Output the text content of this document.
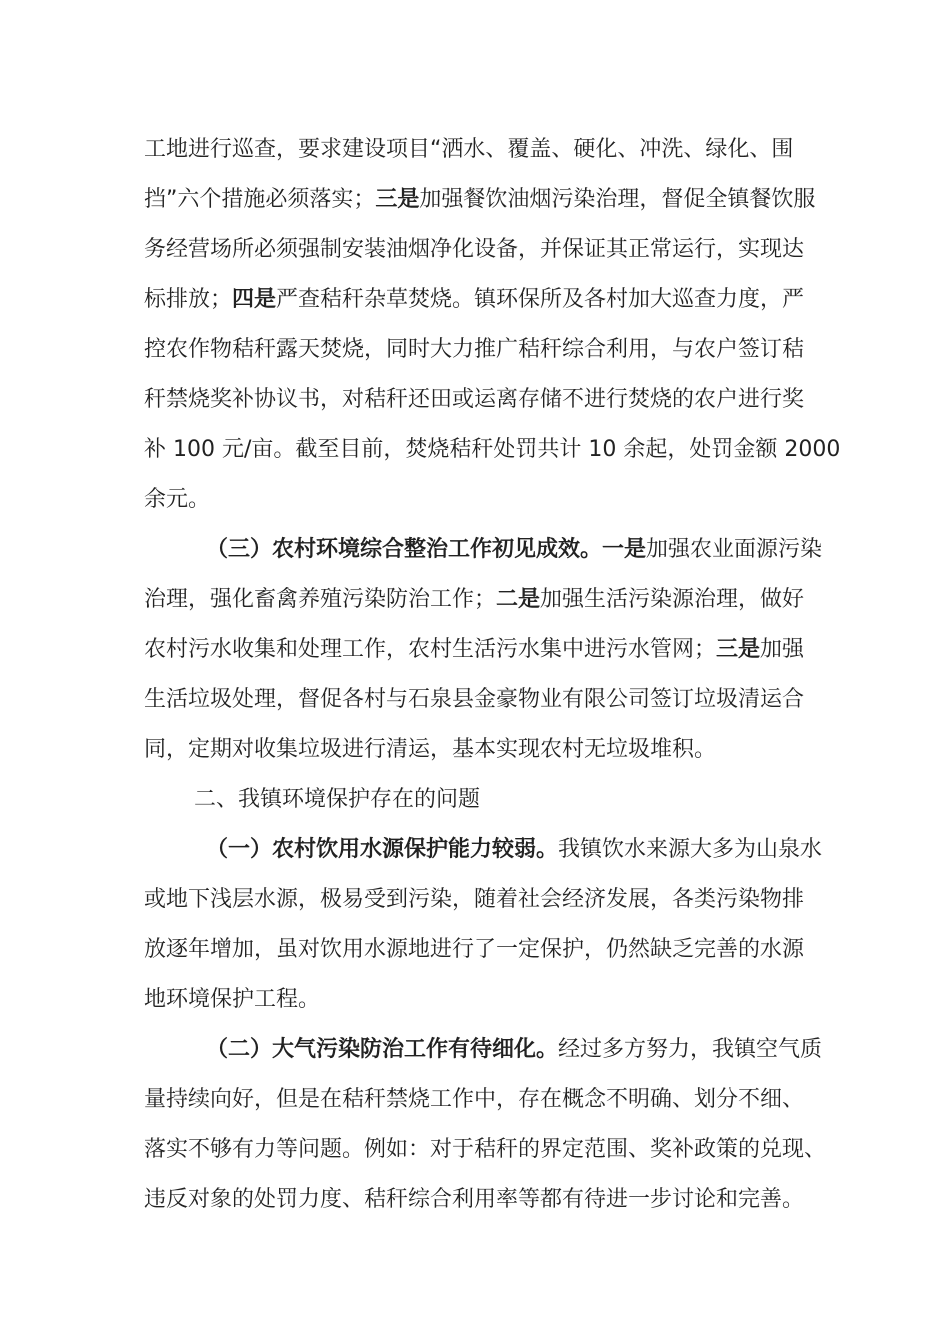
工地进行巡查，要求建设项目“洒水、覆盖、硬化、冲洗、绿化、围
挡”六个措施必须落实；三是加强餐饮油烟污染治理，督促全镇餐饮服
务经营场所必须强制安装油烟净化设备，并保证其正常运行，实现达
标排放；四是严查秸秆杂草焚烧。镇环保所及各村加大巡查力度，严
控农作物秸秆露天焚烧，同时大力推广秸秆综合利用，与农户签订秸
秆禁烧奖补协议书，对秸秆还田或运离存储不进行焚烧的农户进行奖
补 100 元/亩。截至目前，焚烧秸秆处罚共计 10 余起，处罚金额 2000
余元。
（三）农村环境综合整治工作初见成效。一是加强农业面源污染
治理，强化畜禽养殖污染防治工作；二是加强生活污染源治理，做好
农村污水收集和处理工作，农村生活污水集中进污水管网；三是加强
生活垃圾处理，督促各村与石泉县金豪物业有限公司签订垃圾清运合
同，定期对收集垃圾进行清运，基本实现农村无垃圾堆积。
二、我镇环境保护存在的问题
（一）农村饮用水源保护能力较弱。我镇饮水来源大多为山泉水
或地下浅层水源，极易受到污染，随着社会经济发展，各类污染物排
放逐年增加，虽对饮用水源地进行了一定保护，仍然缺乏完善的水源
地环境保护工程。
（二）大气污染防治工作有待细化。经过多方努力，我镇空气质
量持续向好，但是在秸秆禁烧工作中，存在概念不明确、划分不细、
落实不够有力等问题。例如：对于秸秆的界定范围、奖补政策的兑现、
违反对象的处罚力度、秸秆综合利用率等都有待进一步讨论和完善。
